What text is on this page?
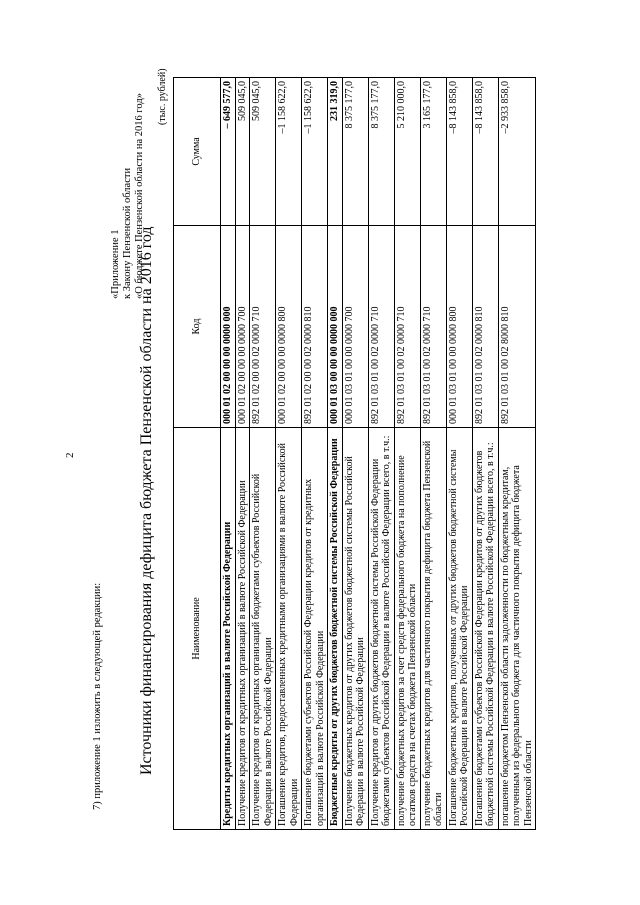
2
7) приложение 1 изложить в следующей редакции:
«Приложение 1 к Закону Пензенской области «О бюджете Пензенской области на 2016 год»
Источники финансирования дефицита бюджета Пензенской области на 2016 год
(тыс. рублей)
Наименование	Код	Сумма
Кредиты кредитных организаций в валюте Российской Федерации	000 01 02 00 00 00 0000 000	– 649 577,0
Получение кредитов от кредитных организаций в валюте Российской Федерации	000 01 02 00 00 00 0000 700	509 045,0
Получение кредитов от кредитных организаций бюджетами субъектов Российской Федерации в валюте Российской Федерации	892 01 02 00 00 02 0000 710	509 045,0
Погашение кредитов, предоставленных кредитными организациями в валюте Российской Федерации	000 01 02 00 00 00 0000 800	–1 158 622,0
Погашение бюджетами субъектов Российской Федерации кредитов от кредитных организаций в валюте Российской Федерации	892 01 02 00 00 02 0000 810	–1 158 622,0
Бюджетные кредиты от других бюджетов бюджетной системы Российской Федерации	000 01 03 00 00 00 0000 000	231 319,0
Получение бюджетных кредитов от других бюджетов бюджетной системы Российской Федерации в валюте Российской Федерации	000 01 03 01 00 00 0000 700	8 375 177,0
Получение кредитов от других бюджетов бюджетной системы Российской Федерации бюджетами субъектов Российской Федерации в валюте Российской Федерации всего, в т.ч.:	892 01 03 01 00 02 0000 710	8 375 177,0
получение бюджетных кредитов за счет средств федерального бюджета на пополнение остатков средств на счетах бюджета Пензенской области	892 01 03 01 00 02 0000 710	5 210 000,0
получение бюджетных кредитов для частичного покрытия дефицита бюджета Пензенской области	892 01 03 01 00 02 0000 710	3 165 177,0
Погашение бюджетных кредитов, полученных от других бюджетов бюджетной системы Российской Федерации в валюте Российской Федерации	000 01 03 01 00 00 0000 800	–8 143 858,0
Погашение бюджетами субъектов Российской Федерации кредитов от других бюджетов бюджетной системы Российской Федерации в валюте Российской Федерации всего, в т.ч.:	892 01 03 01 00 02 0000 810	–8 143 858,0
погашение бюджетом Пензенской области задолженности по бюджетным кредитам, полученным из федерального бюджета для частичного покрытия дефицита бюджета Пензенской области	892 01 03 01 00 02 8000 810	–2 933 858,0
